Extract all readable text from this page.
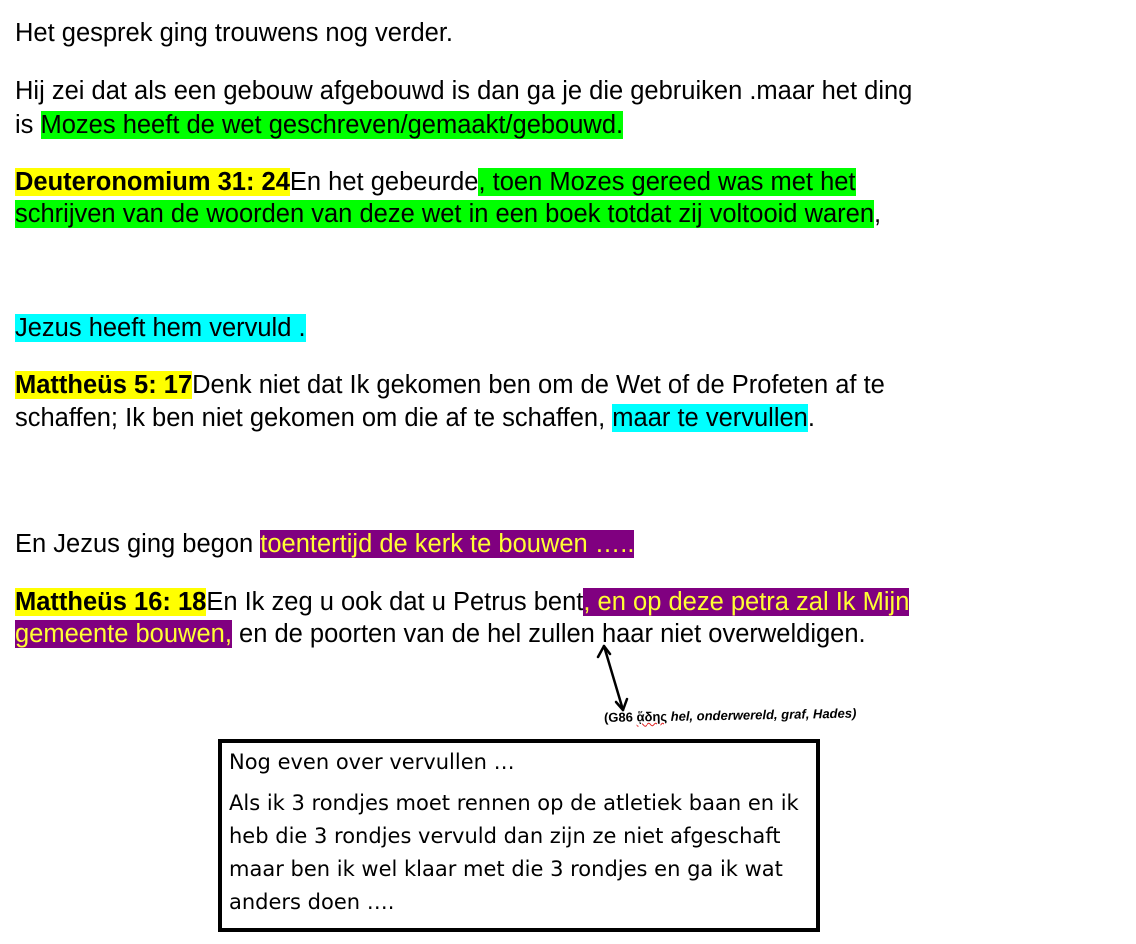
Het gesprek ging trouwens nog verder.

Hij zei dat als een gebouw afgebouwd is dan ga je die gebruiken .maar het ding

is Mozes heeft de wet geschreven/gemaakt/gebouwd.

Deuteronomium 31: 24En het gebeurde, toen Mozes gereed was met het

schrijven van de woorden van deze wet in een boek totdat zij voltooid waren,

Jezus heeft hem vervuld .

Mattheüs 5: 17Denk niet dat Ik gekomen ben om de Wet of de Profeten af te

schaffen; Ik ben niet gekomen om die af te schaffen, maar te vervullen.

En Jezus ging begon toentertijd de kerk te bouwen …..

Mattheüs 16: 18En Ik zeg u ook dat u Petrus bent, en op deze petra zal Ik Mijn

gemeente bouwen, en de poorten van de hel zullen haar niet overweldigen.

(G86 ᾅδης hel, onderwereld, graf, Hades)

Nog even over vervullen …

Als ik 3 rondjes moet rennen op de atletiek baan en ik heb die 3 rondjes vervuld dan zijn ze niet afgeschaft maar ben ik wel klaar met die 3 rondjes en ga ik wat anders doen ….
